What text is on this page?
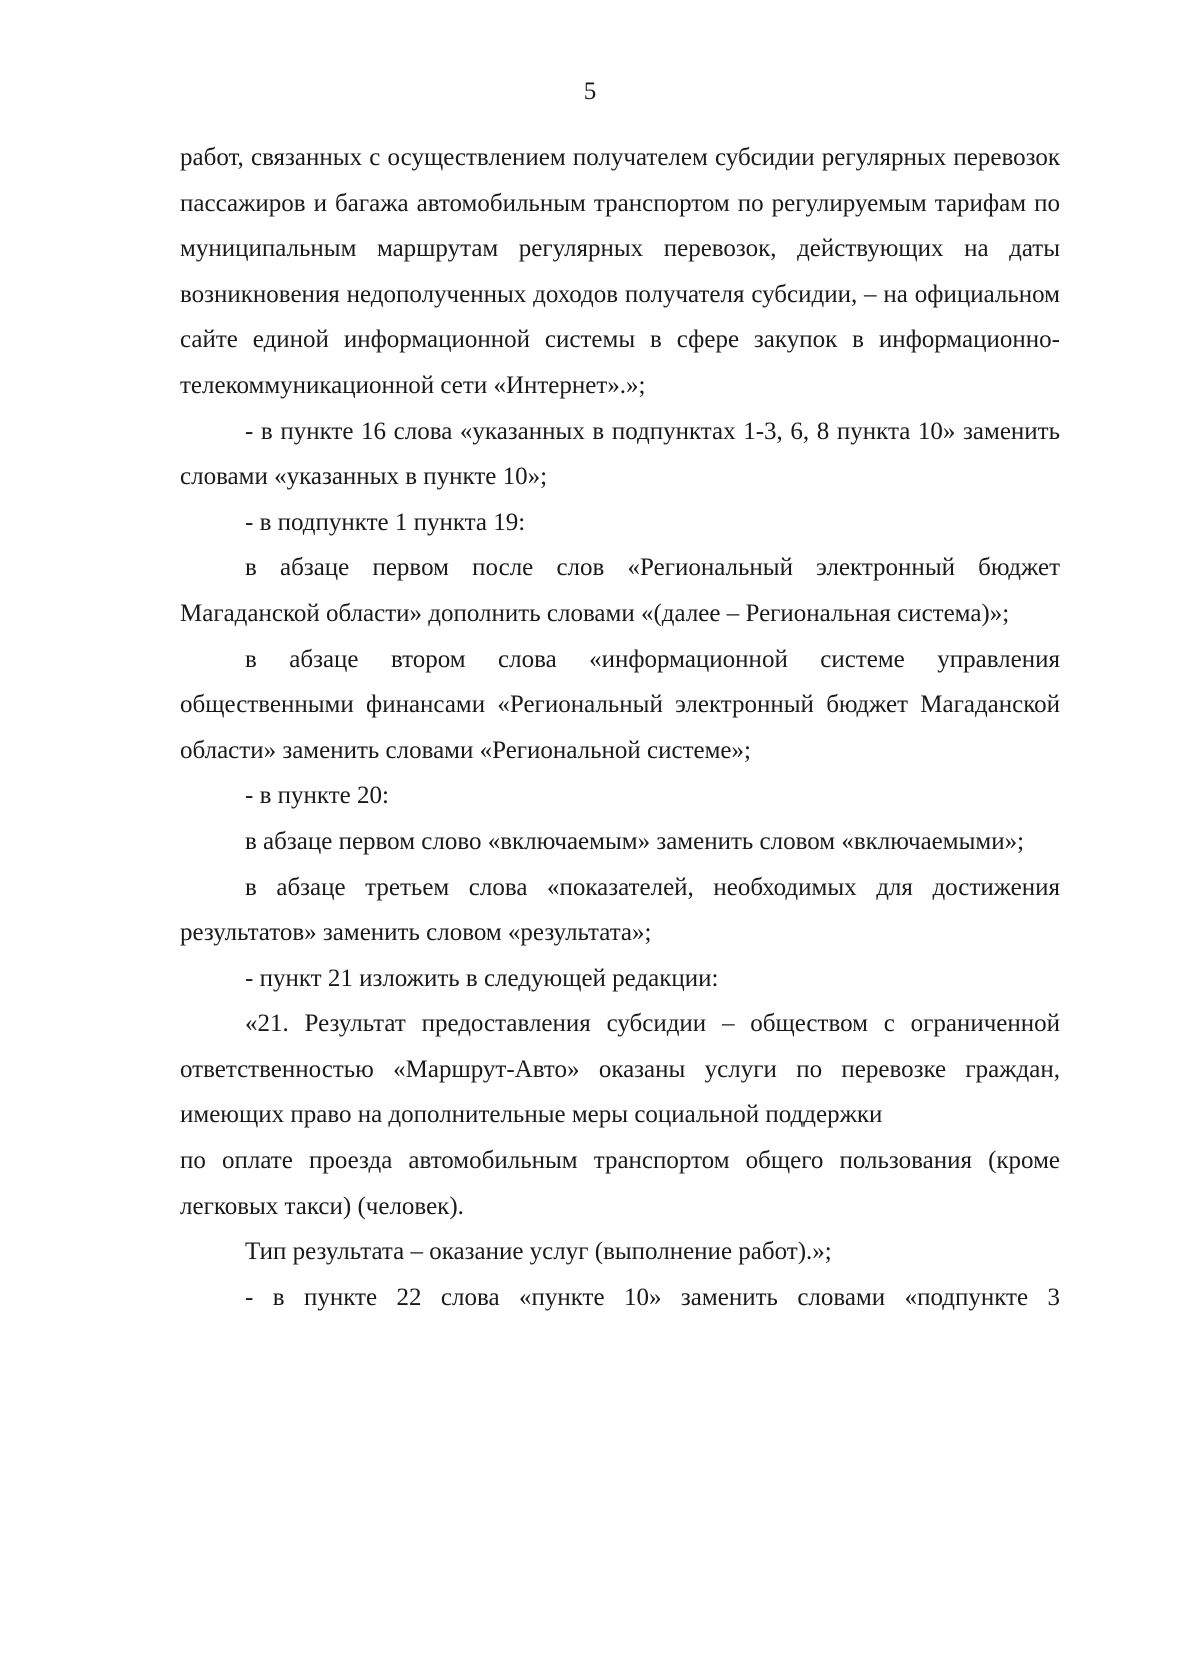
5

работ, связанных с осуществлением получателем субсидии регулярных перевозок пассажиров и багажа автомобильным транспортом по регулируемым тарифам по муниципальным маршрутам регулярных перевозок, действующих на даты возникновения недополученных доходов получателя субсидии, – на официальном сайте единой информационной системы в сфере закупок в информационно-телекоммуникационной сети «Интернет».»;

- в пункте 16 слова «указанных в подпунктах 1-3, 6, 8 пункта 10» заменить словами «указанных в пункте 10»;

- в подпункте 1 пункта 19:

в абзаце первом после слов «Региональный электронный бюджет Магаданской области» дополнить словами «(далее – Региональная система)»;

в абзаце втором слова «информационной системе управления общественными финансами «Региональный электронный бюджет Магаданской области» заменить словами «Региональной системе»;

- в пункте 20:

в абзаце первом слово «включаемым» заменить словом «включаемыми»;

в абзаце третьем слова «показателей, необходимых для достижения результатов» заменить словом «результата»;

- пункт 21 изложить в следующей редакции:

«21. Результат предоставления субсидии – обществом с ограниченной ответственностью «Маршрут-Авто» оказаны услуги по перевозке граждан, имеющих право на дополнительные меры социальной поддержки

по оплате проезда автомобильным транспортом общего пользования (кроме легковых такси) (человек).

Тип результата – оказание услуг (выполнение работ).»;

- в пункте 22 слова «пункте 10» заменить словами «подпункте 3
